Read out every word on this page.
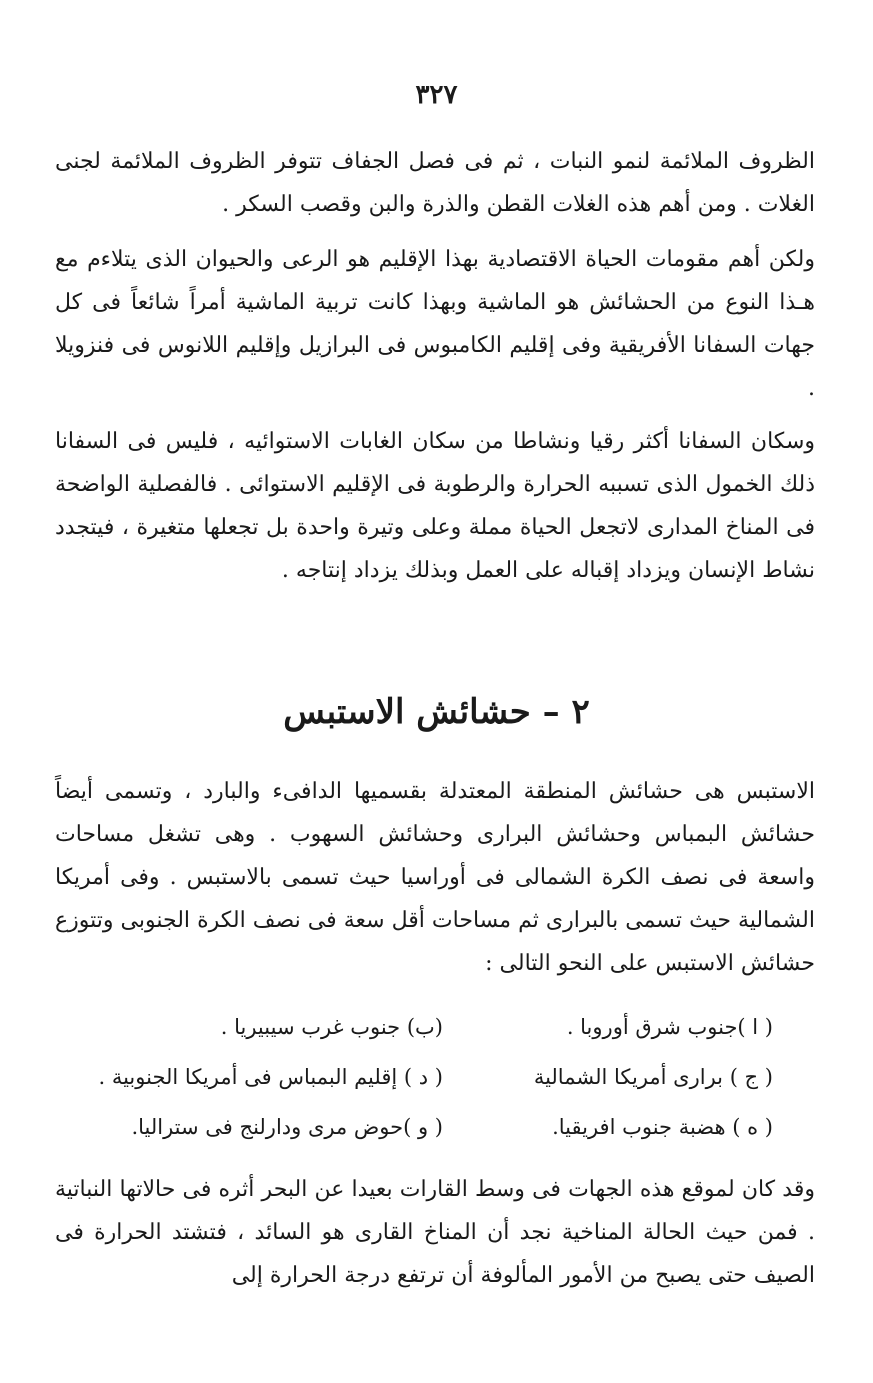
٣٢٧
الظروف الملائمة لنمو النبات ، ثم فى فصل الجفاف تتوفر الظروف الملائمة لجنى الغلات . ومن أهم هذه الغلات القطن والذرة والبن وقصب السكر .
ولكن أهم مقومات الحياة الاقتصادية بهذا الإقليم هو الرعى والحيوان الذى يتلاءم مع هـذا النوع من الحشائش هو الماشية وبهذا كانت تربية الماشية أمراً شائعاً فى كل جهات السفانا الأفريقية وفى إقليم الكامبوس فى البرازيل وإقليم اللانوس فى فنزويلا .
وسكان السفانا أكثر رقيا ونشاطا من سكان الغابات الاستوائيه ، فليس فى السفانا ذلك الخمول الذى تسببه الحرارة والرطوبة فى الإقليم الاستوائى . فالفصلية الواضحة فى المناخ المدارى لاتجعل الحياة مملة وعلى وتيرة واحدة بل تجعلها متغيرة ، فيتجدد نشاط الإنسان ويزداد إقباله على العمل وبذلك يزداد إنتاجه .
٢ – حشائش الاستبس
الاستبس هى حشائش المنطقة المعتدلة بقسميها الدافىء والبارد ، وتسمى أيضاً حشائش البمباس وحشائش البرارى وحشائش السهوب . وهى تشغل مساحات واسعة فى نصف الكرة الشمالى فى أوراسيا حيث تسمى بالاستبس . وفى أمريكا الشمالية حيث تسمى بالبرارى ثم مساحات أقل سعة فى نصف الكرة الجنوبى وتتوزع حشائش الاستبس على النحو التالى :
( ا )جنوب شرق أوروبا .
(ب) جنوب غرب سيبيريا .
( ج ) برارى أمريكا الشمالية
( د ) إقليم البمباس فى أمريكا الجنوبية .
( ه ) هضبة جنوب افريقيا.
( و )حوض مرى ودارلنج فى ستراليا.
وقد كان لموقع هذه الجهات فى وسط القارات بعيدا عن البحر أثره فى حالاتها النباتية . فمن حيث الحالة المناخية نجد أن المناخ القارى هو السائد ، فتشتد الحرارة فى الصيف حتى يصبح من الأمور المألوفة أن ترتفع درجة الحرارة إلى
